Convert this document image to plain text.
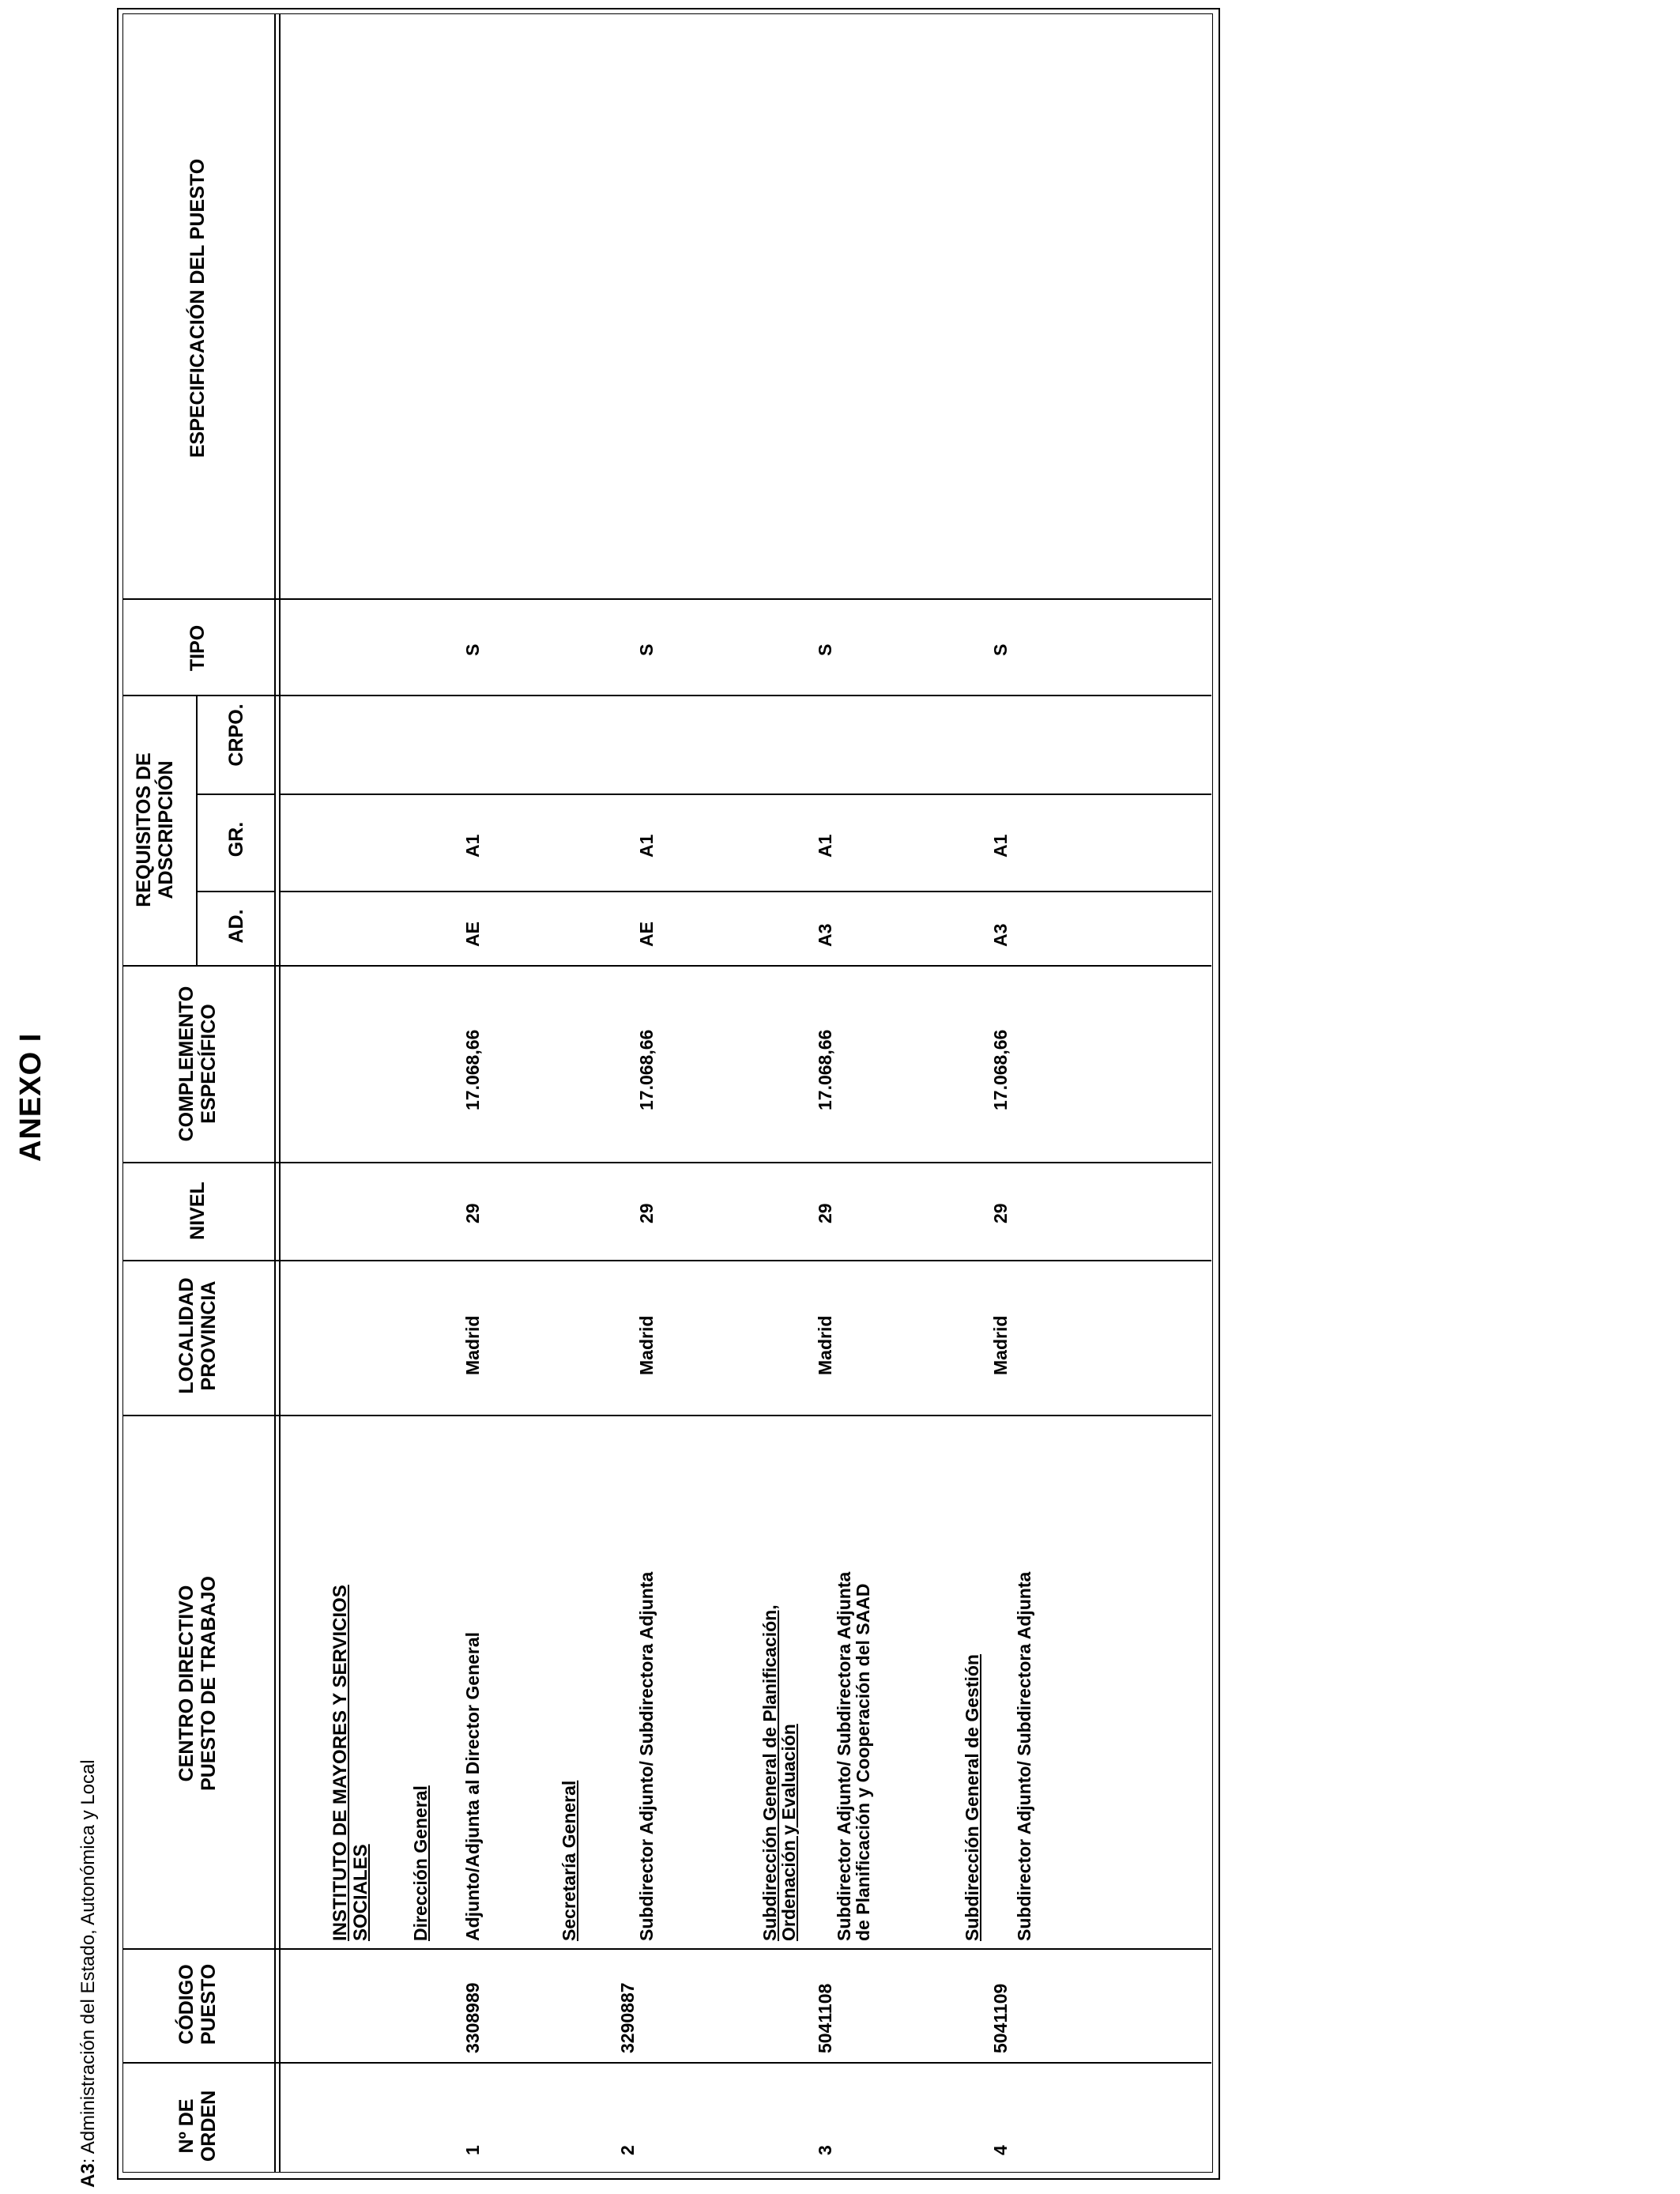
ANEXO I
A3: Administración del Estado, Autonómica y Local	Nº DE ORDEN
CÓDIGO PUESTO
CENTRO DIRECTIVO PUESTO DE TRABAJO
LOCALIDAD PROVINCIA
NIVEL
COMPLEMENTO ESPECÍFICO
REQUISITOS DE ADSCRIPCIÓN
AD.
GR.
CRPO.
TIPO
ESPECIFICACIÓN DEL PUESTO
INSTITUTO DE MAYORES Y SERVICIOS SOCIALES
1
3308989
Dirección General Adjunto/Adjunta al Director General
Madrid
29
17.068,66
AE
A1
S
2
3290887
Secretaría General	Subdirector Adjunto/ Subdirectora Adjunta
Madrid
29
17.068,66
AE
A1
S
3
5041108
Subdirección General de Planificación,
Ordenación y Evaluación Subdirector Adjunto/ Subdirectora Adjunta
de Planificación y Cooperación del SAAD
Madrid
29
17.068,66
A3
A1
S
4
5041109
Subdirección General de Gestión Subdirector Adjunto/ Subdirectora Adjunta
Madrid
29
17.068,66
A3
A1
S
